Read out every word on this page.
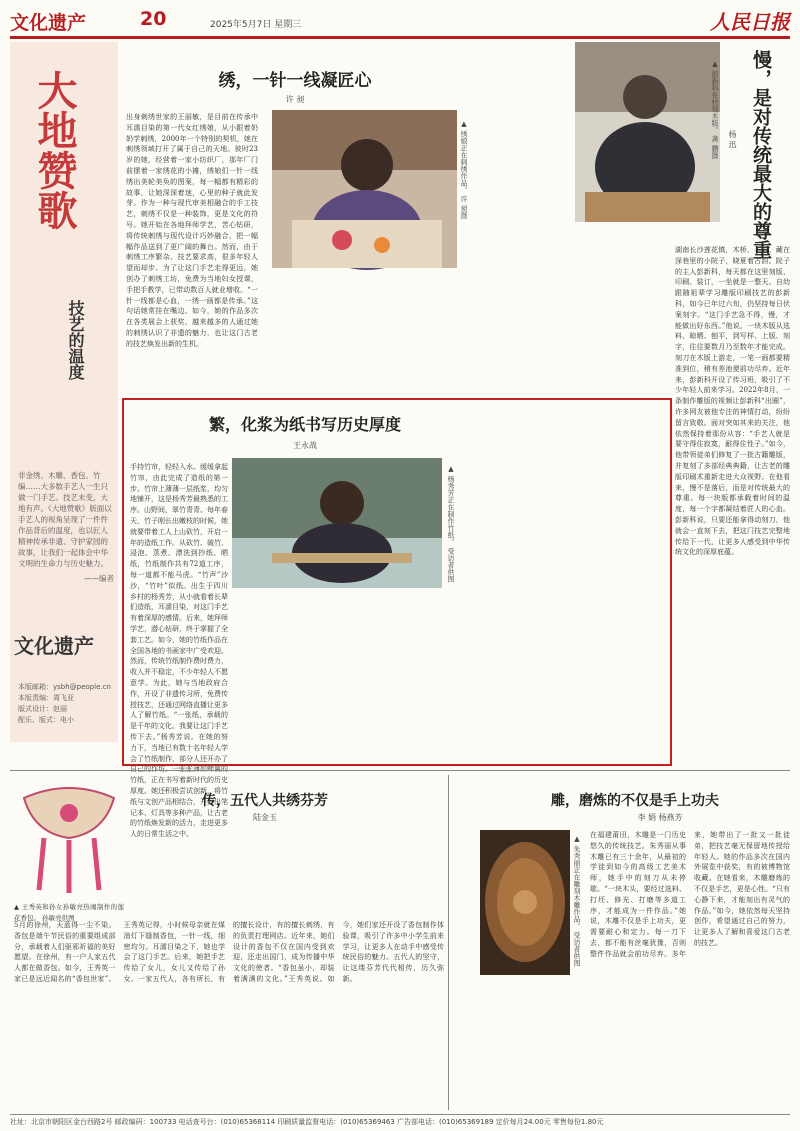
文化遗产	20	2025年5月7日 星期三	人民日报
大地赞歌
技艺的温度
非金绣、木雕、香包、竹编……大多数手艺人一生只做一门手艺。技艺未变，大地有声。《大地赞歌》版面以手艺人的视角呈现了一件件作品背后的温度，也以匠人精神传承非遗、守护家园的故事，让我们一起体会中华文明的生命力与历史魅力。
——编者
文化遗产
本版邮箱：ysbh@people.cn
本版责编：周飞亚
版式设计：赵丽
配乐、版式：电小
绣，一针一线凝匠心
许 昶
出身刺绣世家的王丽敏，是目前在传承中耳濡目染的第一代女红绣娘，从小跟着奶奶学刺绣，2000年一个特别的契机，她在刺绣领域打开了属于自己的天地。彼时23岁的她，经营着一家小纺织厂，那年厂门前摆着一家绣花的小摊，绣娘们一针一线绣出美轮美奂的图案，每一幅都有精彩的故事，让她深深着迷，心里的种子就此发芽。作为一种与现代审美相融合的手工技艺，刺绣不仅是一种装饰，更是文化的符号。她开始在各地拜师学艺，苦心钻研，将传统刺绣与现代设计巧妙融合，把一幅幅作品送到了更广阔的舞台。然而，由于刺绣工序繁杂、技艺要求高，很多年轻人望而却步。为了让这门手艺走得更远，她创办了刺绣工坊，免费为当地妇女授课，手把手教学，已带动数百人就业增收。“一针一线都是心血，一绣一画都是传承。”这句话她常挂在嘴边。如今，她的作品多次在各类展会上获奖，越来越多的人通过她的刺绣认识了非遗的魅力，也让这门古老的技艺焕发出新的生机。
▲ 绣娘正在刺绣作品。 许 昶摄
▲ 彭新科在校刻木版。 龚 鹏摄 慢，是对传统最大的尊重
杨 迅
湖南长沙莲花镇，木桥、石阶、藏在深巷里的小院子，晓夏着古韵。院子的主人彭新科，每天都在这里刻版、印刷、装订，一坐就是一整天。自幼跟随祖辈学习雕版印刷技艺的彭新科，如今已年过六旬，仍坚持每日伏案刻字。“这门手艺急不得，慢，才能做出好东西。”他说。一块木版从选料、晾晒、刨平，到写样、上版、刻字，往往要数月乃至数年才能完成。刻刀在木版上游走，一笔一画都要精准到位，稍有差池便前功尽弃。近年来，彭新科开设了传习班，吸引了不少年轻人前来学习。2022年8月，一条制作雕版的视频让彭新科“出圈”，许多网友被他专注的神情打动，纷纷留言致敬。面对突如其来的关注，他依然保持着那份从容：“手艺人就是要守得住寂寞，耐得住性子。”如今，他带领徒弟们修复了一批古籍雕版，并复刻了多部经典典籍，让古老的雕版印刷术重新走进大众视野。在他看来，慢不是落后，而是对传统最大的尊重。每一块版都承载着时间的温度，每一个字都凝结着匠人的心血。彭新科说，只要还能拿得动刻刀，他就会一直刻下去，把这门技艺完整地传给下一代，让更多人感受到中华传统文化的深厚底蕴。
繁，化浆为纸书写历史厚度
王永战
▲ 杨秀芳正在制作竹纸。 受访者供图
手持竹帘，轻轻入水。缓缓拿起竹帘，由此完成了造纸的第一步。竹帘上薄薄一层纸浆，均匀地铺开，这是杨秀芳最熟悉的工序。山野间，翠竹青青。每年春天，竹子刚长出嫩枝的时候，她就要带着工人上山砍竹，开启一年的造纸工作。从砍竹、破竹、浸泡、蒸煮、漂洗到抄纸、晒纸，竹纸制作共有72道工序，每一道都不能马虎。“竹声”沙沙，“竹叶”似纸。出生于四川乡村的杨秀芳，从小就看着长辈们造纸，耳濡目染，对这门手艺有着深厚的感情。后来，她拜师学艺，潜心钻研，终于掌握了全套工艺。如今，她的竹纸作品在全国各地的书画家中广受欢迎。然而，传统竹纸制作费时费力，收入并不稳定，不少年轻人不愿意学。为此，她与当地政府合作，开设了非遗传习所，免费传授技艺，还通过网络直播让更多人了解竹纸。“一张纸，承载的是千年的文化。我要让这门手艺传下去。”杨秀芳说。在她的努力下，当地已有数十名年轻人学会了竹纸制作，部分人还开办了 竹纸，正在书写着新时代的历史厚度。她还积极尝试创新，将竹纸与文创产品相结合，开发出笔记本、灯具等多种产品，让古老的竹纸焕发新的活力，走进更多人的日常生活之中。
▲ 王秀英和孙女孙敏亮热闹制作的莲花香包。 孙敏亮供图
传，五代人共绣芬芳
陆金玉
5月的徐州，天蓝得一尘不染。香包是端午节民俗的重要组成部分，承载着人们驱邪祈福的美好愿望。在徐州，有一户人家五代人都在做香包。如今，王秀英一家已是远近闻名的“香包世家”。王秀英记得，小时候母亲就在煤油灯下缝制香包，一针一线，细密均匀。耳濡目染之下，她也学会了这门手艺。后来，她把手艺传给了女儿，女儿又传给了孙女。一家五代人，各有所长，有的擅长设计，有的擅长刺绣，有的负责打理网店。近年来，她们设计的香包不仅在国内受到欢迎，还走出国门，成为传播中华文化的使者。“香包虽小，却装着满满的文化。”王秀英说。如今，她们家还开设了香包制作体验课，吸引了许多中小学生前来学习，让更多人在动手中感受传统民俗的魅力。五代人的坚守，让这缕芬芳代代相传，历久弥新。
雕，磨炼的不仅是手上功夫
李 娟 杨燕芳
▲ 朱秀丽正在雕刻木雕作品。 受访者供图 在福建莆田，木雕是一门历史悠久的传统技艺。朱秀丽从事木雕已有三十余年，从最初的学徒到如今的高级工艺美术师，她手中的刻刀从未停歇。“一块木头，要经过选料、打坯、修光、打磨等多道工序，才能成为一件作品。”她说，木雕不仅是手上功夫，更需要耐心和定力。每一刀下去，都不能有丝毫犹豫，否则整件作品就会前功尽弃。多年来，她带出了一批又一批徒弟，把技艺毫无保留地传授给年轻人。她的作品多次在国内外展览中获奖，有的被博物馆收藏。在她看来，木雕磨炼的不仅是手艺，更是心性。“只有心静下来，才能刻出有灵气的作品。”如今，她依然每天坚持创作，希望通过自己的努力，让更多人了解和喜爱这门古老的技艺。
社址：北京市朝阳区金台西路2号 邮政编码：100733 电话查号台：(010)65368114 印刷质量监督电话：(010)65369463 广告部电话：(010)65369189 定价每月24.00元 零售每份1.80元
